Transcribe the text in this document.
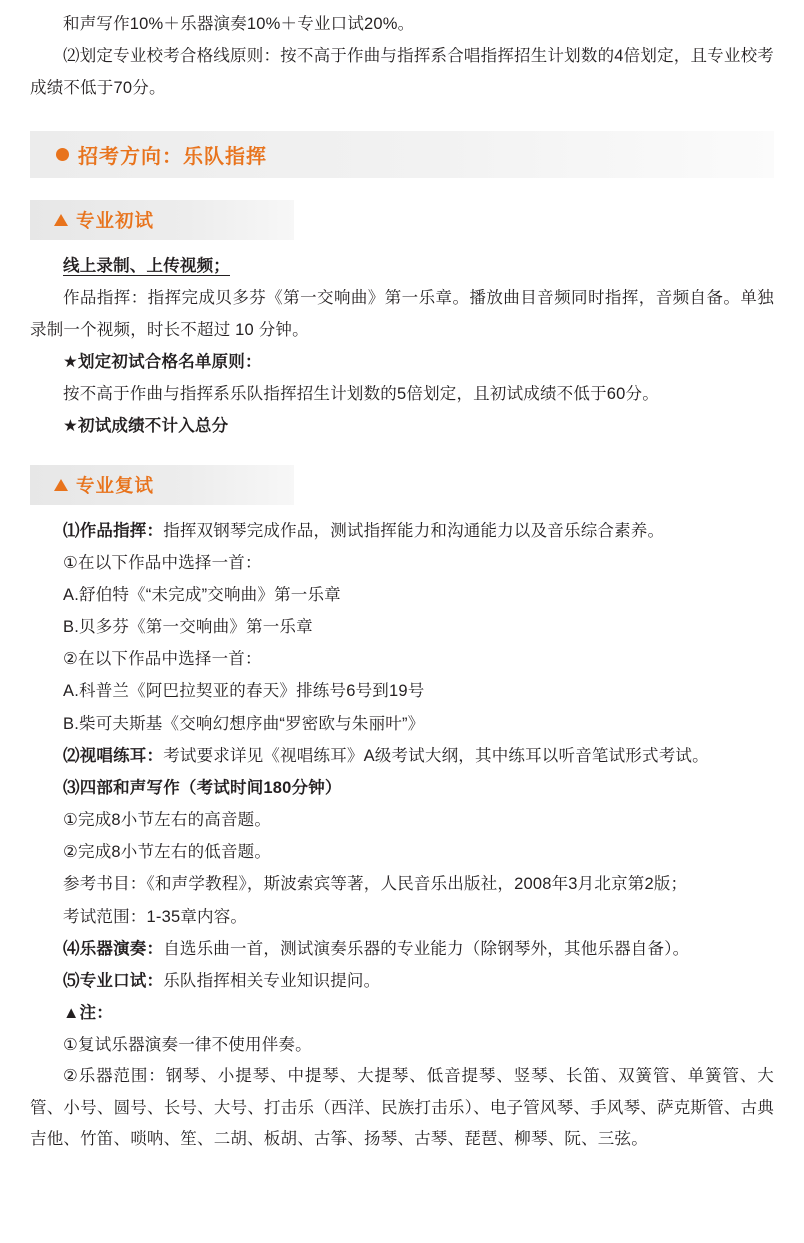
和声写作10%＋乐器演奏10%＋专业口试20%。

⑵划定专业校考合格线原则：按不高于作曲与指挥系合唱指挥招生计划数的4倍划定，且专业校考成绩不低于70分。

招考方向：乐队指挥
专业初试

线上录制、上传视频；

作品指挥：指挥完成贝多芬《第一交响曲》第一乐章。播放曲目音频同时指挥，音频自备。单独录制一个视频，时长不超过 10 分钟。

★划定初试合格名单原则：

按不高于作曲与指挥系乐队指挥招生计划数的5倍划定，且初试成绩不低于60分。

★初试成绩不计入总分

专业复试

⑴作品指挥：指挥双钢琴完成作品，测试指挥能力和沟通能力以及音乐综合素养。

①在以下作品中选择一首：

A.舒伯特《“未完成”交响曲》第一乐章

B.贝多芬《第一交响曲》第一乐章

②在以下作品中选择一首：

A.科普兰《阿巴拉契亚的春天》排练号6号到19号

B.柴可夫斯基《交响幻想序曲“罗密欧与朱丽叶”》

⑵视唱练耳：考试要求详见《视唱练耳》A级考试大纲，其中练耳以听音笔试形式考试。

⑶四部和声写作（考试时间180分钟）

①完成8小节左右的高音题。

②完成8小节左右的低音题。

参考书目：《和声学教程》，斯波索宾等著，人民音乐出版社，2008年3月北京第2版；

考试范围：1-35章内容。

⑷乐器演奏：自选乐曲一首，测试演奏乐器的专业能力（除钢琴外，其他乐器自备）。

⑸专业口试：乐队指挥相关专业知识提问。

▲注：

①复试乐器演奏一律不使用伴奏。

②乐器范围：钢琴、小提琴、中提琴、大提琴、低音提琴、竖琴、长笛、双簧管、单簧管、大管、小号、圆号、长号、大号、打击乐（西洋、民族打击乐）、电子管风琴、手风琴、萨克斯管、古典吉他、竹笛、唢呐、笙、二胡、板胡、古筝、扬琴、古琴、琵琶、柳琴、阮、三弦。
